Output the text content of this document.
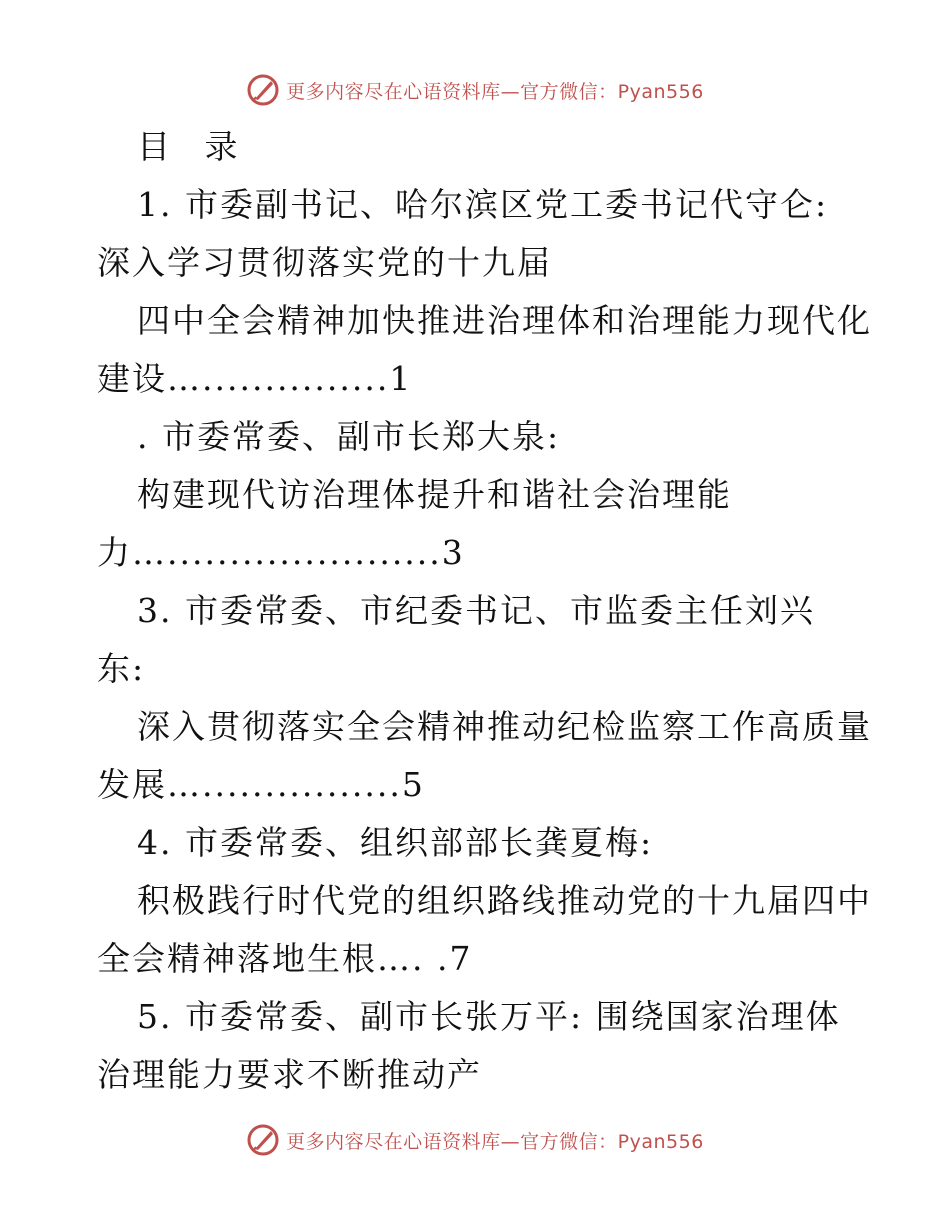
更多内容尽在心语资料库—官方微信：Pyan556
目 录
1. 市委副书记、哈尔滨区党工委书记代守仑:
深入学习贯彻落实党的十九届
四中全会精神加快推进治理体和治理能力现代化
建设…...............1
. 市委常委、副市长郑大泉:
构建现代访治理体提升和谐社会治理能
力…......................3
3. 市委常委、市纪委书记、市监委主任刘兴
东:
深入贯彻落实全会精神推动纪检监察工作高质量
发展…................5
4. 市委常委、组织部部长龚夏梅:
积极践行时代党的组织路线推动党的十九届四中
全会精神落地生根…. .7
5. 市委常委、副市长张万平: 围绕国家治理体
治理能力要求不断推动产
更多内容尽在心语资料库—官方微信：Pyan556
